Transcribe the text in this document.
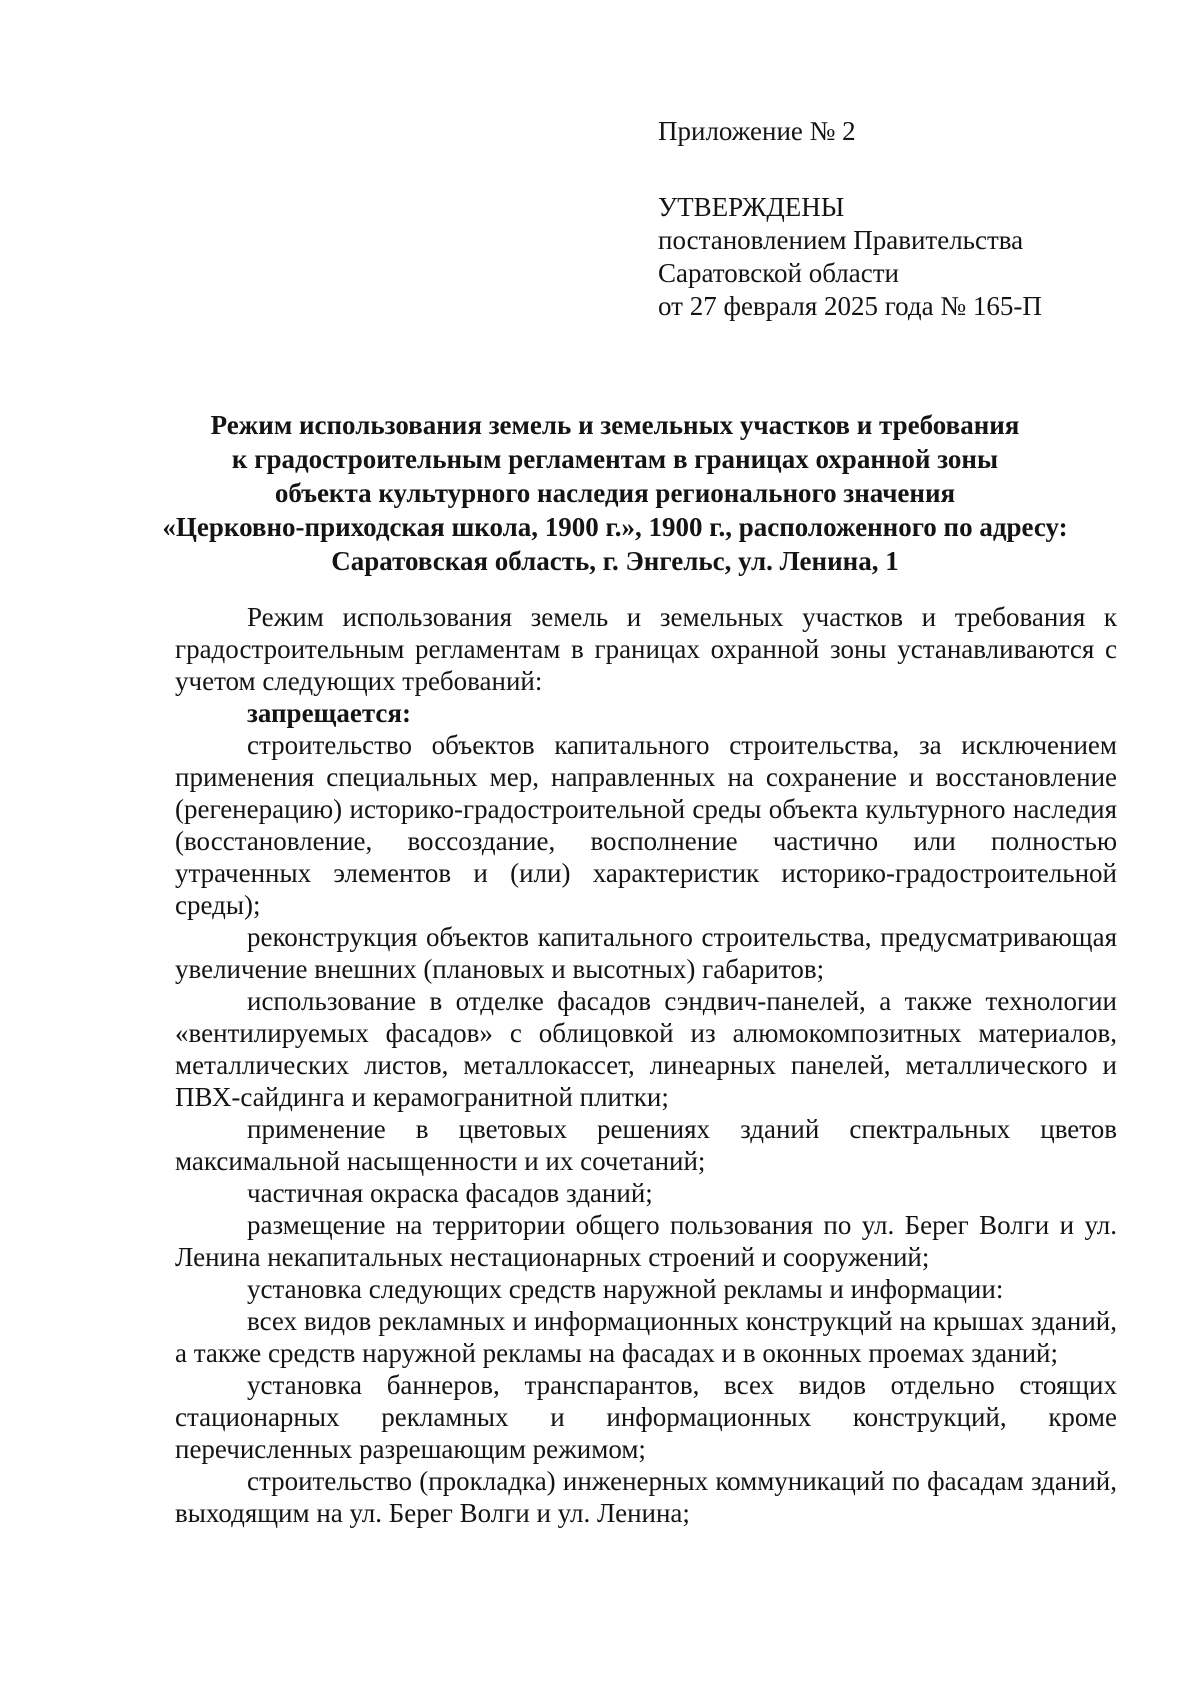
Приложение № 2

УТВЕРЖДЕНЫ
постановлением Правительства
Саратовской области
от 27 февраля 2025 года № 165-П

Режим использования земель и земельных участков и требования
к градостроительным регламентам в границах охранной зоны
объекта культурного наследия регионального значения
«Церковно-приходская школа, 1900 г.», 1900 г., расположенного по адресу:
Саратовская область, г. Энгельс, ул. Ленина, 1

Режим использования земель и земельных участков и требования к градостроительным регламентам в границах охранной зоны устанавливаются с учетом следующих требований:

запрещается:

строительство объектов капитального строительства, за исключением применения специальных мер, направленных на сохранение и восстановление (регенерацию) историко-градостроительной среды объекта культурного наследия (восстановление, воссоздание, восполнение частично или полностью утраченных элементов и (или) характеристик историко-градостроительной среды);

реконструкция объектов капитального строительства, предусматривающая увеличение внешних (плановых и высотных) габаритов;

использование в отделке фасадов сэндвич-панелей, а также технологии «вентилируемых фасадов» с облицовкой из алюмокомпозитных материалов, металлических листов, металлокассет, линеарных панелей, металлического и ПВХ-сайдинга и керамогранитной плитки;

применение в цветовых решениях зданий спектральных цветов максимальной насыщенности и их сочетаний;

частичная окраска фасадов зданий;

размещение на территории общего пользования по ул. Берег Волги и ул. Ленина некапитальных нестационарных строений и сооружений;

установка следующих средств наружной рекламы и информации:

всех видов рекламных и информационных конструкций на крышах зданий, а также средств наружной рекламы на фасадах и в оконных проемах зданий;

установка баннеров, транспарантов, всех видов отдельно стоящих стационарных рекламных и информационных конструкций, кроме перечисленных разрешающим режимом;

строительство (прокладка) инженерных коммуникаций по фасадам зданий, выходящим на ул. Берег Волги и ул. Ленина;
